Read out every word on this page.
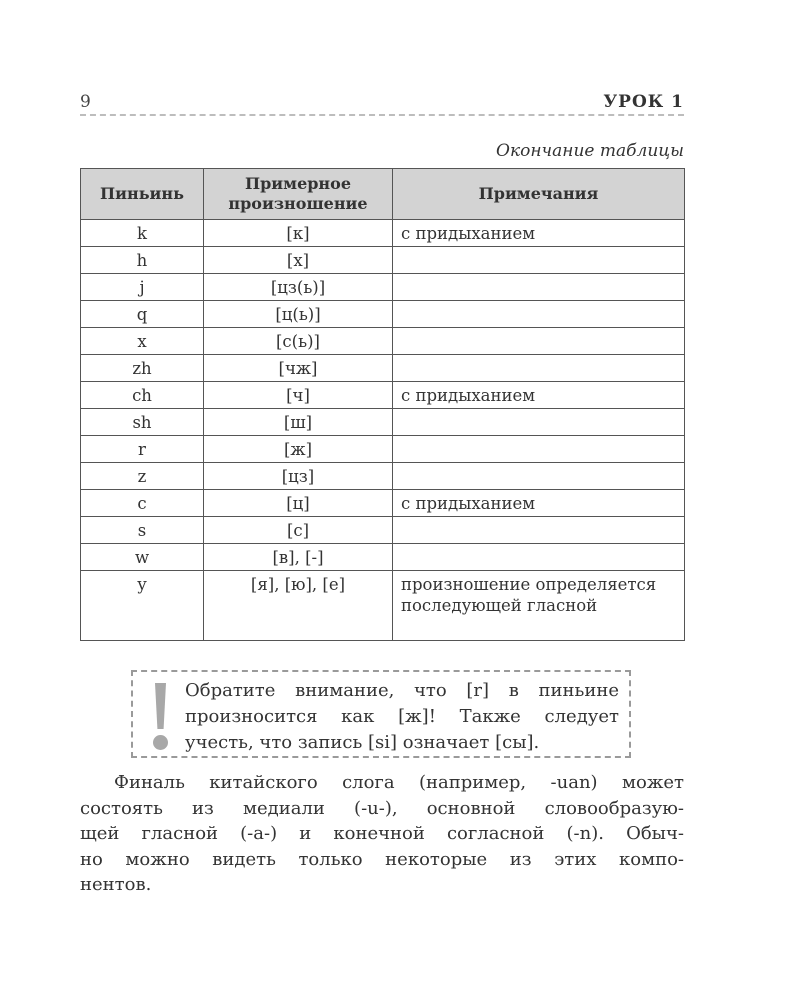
9	УРОК 1
Окончание таблицы
Пиньинь	Примерное произношение	Примечания
k	[к]	с придыханием
h	[х]	
j	[цз(ь)]	
q	[ц(ь)]	
x	[с(ь)]	
zh	[чж]	
ch	[ч]	с придыханием
sh	[ш]	
r	[ж]	
z	[цз]	
c	[ц]	с придыханием
s	[с]	
w	[в], [-]	
y	[я], [ю], [е]	произношение определяется последующей гласной
Обратите внимание, что [r] в пиньине
произносится как [ж]! Также следует
учесть, что запись [si] означает [сы].
Финаль китайского слога (например, -uan) может
состоять из медиали (-u-), основной словообразую-
щей гласной (-a-) и конечной согласной (-n). Обыч-
но можно видеть только некоторые из этих компо-
нентов.
